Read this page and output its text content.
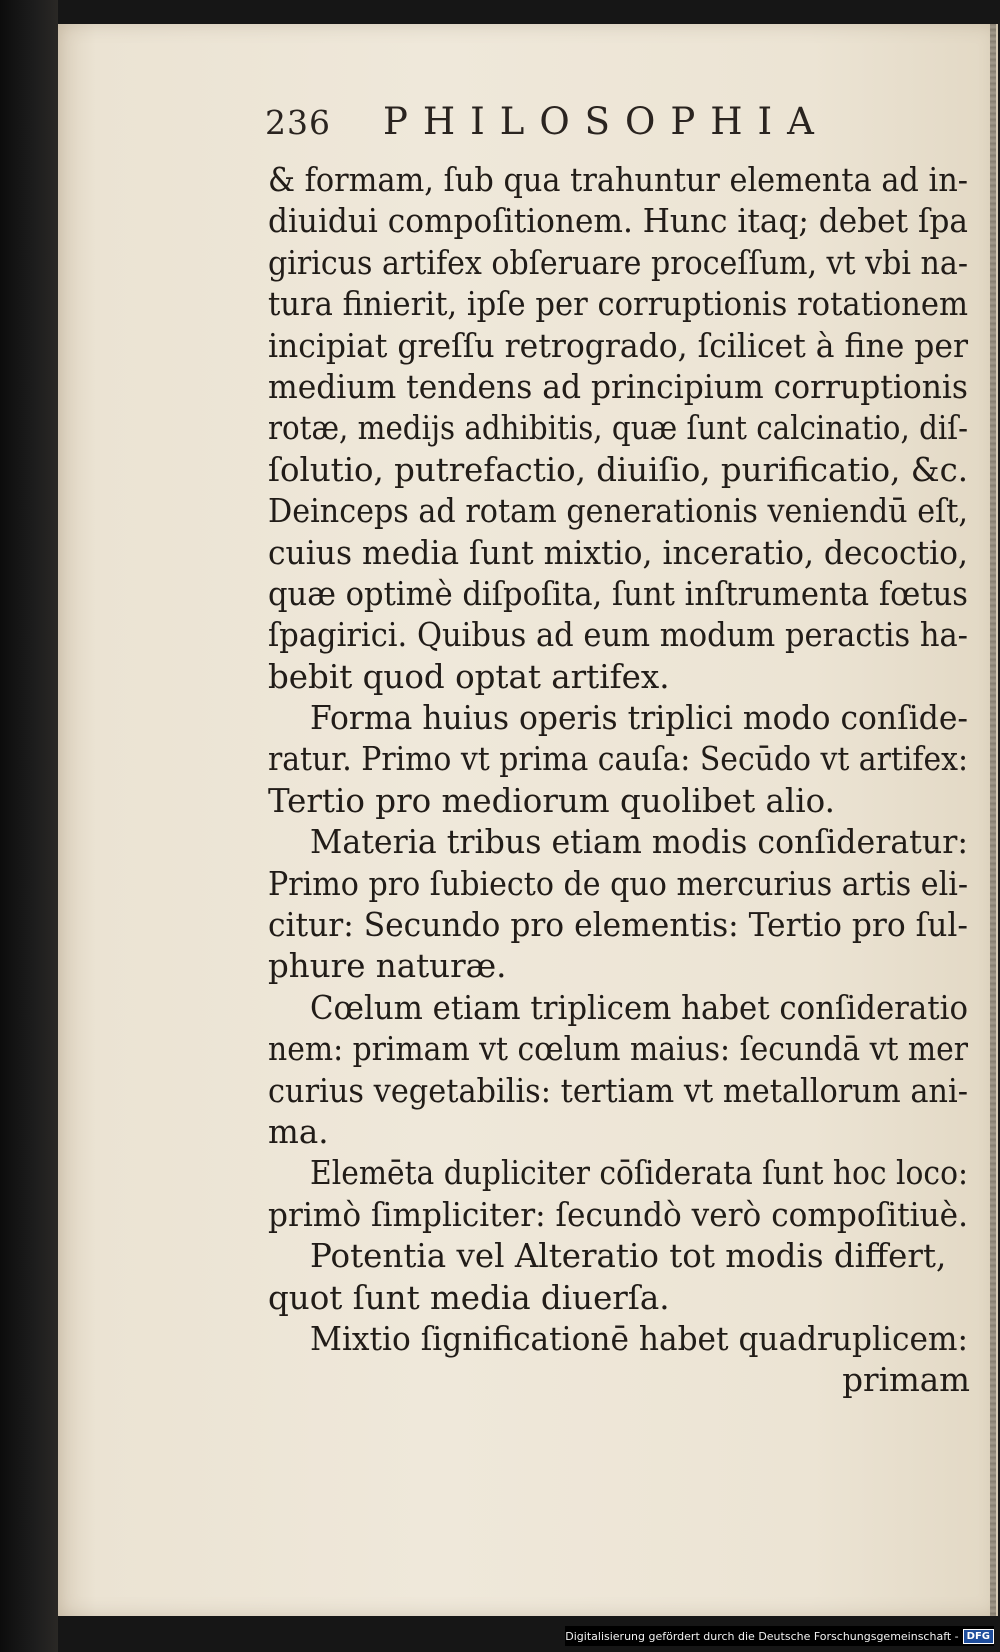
236	PHILOSOPHIA
& formam, ſub qua trahuntur elementa ad in-
diuidui compoſitionem. Hunc itaq; debet ſpa
giricus artifex obſeruare proceſſum, vt vbi na-
tura finierit, ipſe per corruptionis rotationem
incipiat greſſu retrogrado, ſcilicet à fine per
medium tendens ad principium corruptionis
rotæ, medijs adhibitis, quæ ſunt calcinatio, diſ-
ſolutio, putrefactio, diuiſio, purificatio, &c.
Deinceps ad rotam generationis veniendū eſt,
cuius media ſunt mixtio, inceratio, decoctio,
quæ optimè diſpoſita, ſunt inſtrumenta fœtus
ſpagirici. Quibus ad eum modum peractis ha-
bebit quod optat artifex.
Forma huius operis triplici modo conſide-
ratur. Primo vt prima cauſa: Secūdo vt artifex:
Tertio pro mediorum quolibet alio.
Materia tribus etiam modis conſideratur:
Primo pro ſubiecto de quo mercurius artis eli-
citur: Secundo pro elementis: Tertio pro ſul-
phure naturæ.
Cœlum etiam triplicem habet conſideratio
nem: primam vt cœlum maius: ſecundā vt mer
curius vegetabilis: tertiam vt metallorum ani-
ma.
Elemēta dupliciter cōſiderata ſunt hoc loco:
primò ſimpliciter: ſecundò verò compoſitiuè.
Potentia vel Alteratio tot modis differt,
quot ſunt media diuerſa.
Mixtio ſignificationē habet quadruplicem:
primam
Digitalisierung gefördert durch die Deutsche Forschungsgemeinschaft - DFG
